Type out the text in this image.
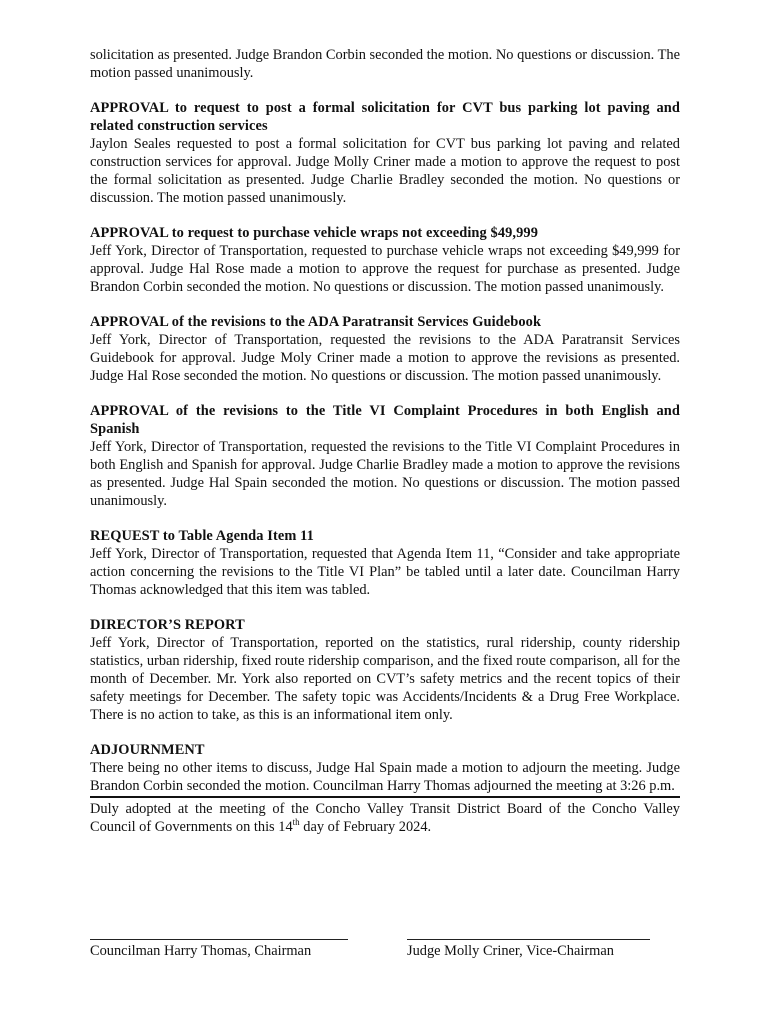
solicitation as presented. Judge Brandon Corbin seconded the motion. No questions or discussion. The motion passed unanimously.

APPROVAL to request to post a formal solicitation for CVT bus parking lot paving and related construction services

Jaylon Seales requested to post a formal solicitation for CVT bus parking lot paving and related construction services for approval. Judge Molly Criner made a motion to approve the request to post the formal solicitation as presented. Judge Charlie Bradley seconded the motion. No questions or discussion. The motion passed unanimously.

APPROVAL to request to purchase vehicle wraps not exceeding $49,999

Jeff York, Director of Transportation, requested to purchase vehicle wraps not exceeding $49,999 for approval. Judge Hal Rose made a motion to approve the request for purchase as presented. Judge Brandon Corbin seconded the motion. No questions or discussion. The motion passed unanimously.

APPROVAL of the revisions to the ADA Paratransit Services Guidebook

Jeff York, Director of Transportation, requested the revisions to the ADA Paratransit Services Guidebook for approval. Judge Moly Criner made a motion to approve the revisions as presented. Judge Hal Rose seconded the motion. No questions or discussion. The motion passed unanimously.

APPROVAL of the revisions to the Title VI Complaint Procedures in both English and Spanish

Jeff York, Director of Transportation, requested the revisions to the Title VI Complaint Procedures in both English and Spanish for approval. Judge Charlie Bradley made a motion to approve the revisions as presented. Judge Hal Spain seconded the motion. No questions or discussion. The motion passed unanimously.

REQUEST to Table Agenda Item 11

Jeff York, Director of Transportation, requested that Agenda Item 11, “Consider and take appropriate action concerning the revisions to the Title VI Plan” be tabled until a later date. Councilman Harry Thomas acknowledged that this item was tabled.

DIRECTOR’S REPORT

Jeff York, Director of Transportation, reported on the statistics, rural ridership, county ridership statistics, urban ridership, fixed route ridership comparison, and the fixed route comparison, all for the month of December. Mr. York also reported on CVT’s safety metrics and the recent topics of their safety meetings for December. The safety topic was Accidents/Incidents & a Drug Free Workplace. There is no action to take, as this is an informational item only.

ADJOURNMENT

There being no other items to discuss, Judge Hal Spain made a motion to adjourn the meeting. Judge Brandon Corbin seconded the motion. Councilman Harry Thomas adjourned the meeting at 3:26 p.m.

Duly adopted at the meeting of the Concho Valley Transit District Board of the Concho Valley Council of Governments on this 14th day of February 2024.

Councilman Harry Thomas, Chairman	Judge Molly Criner, Vice-Chairman
